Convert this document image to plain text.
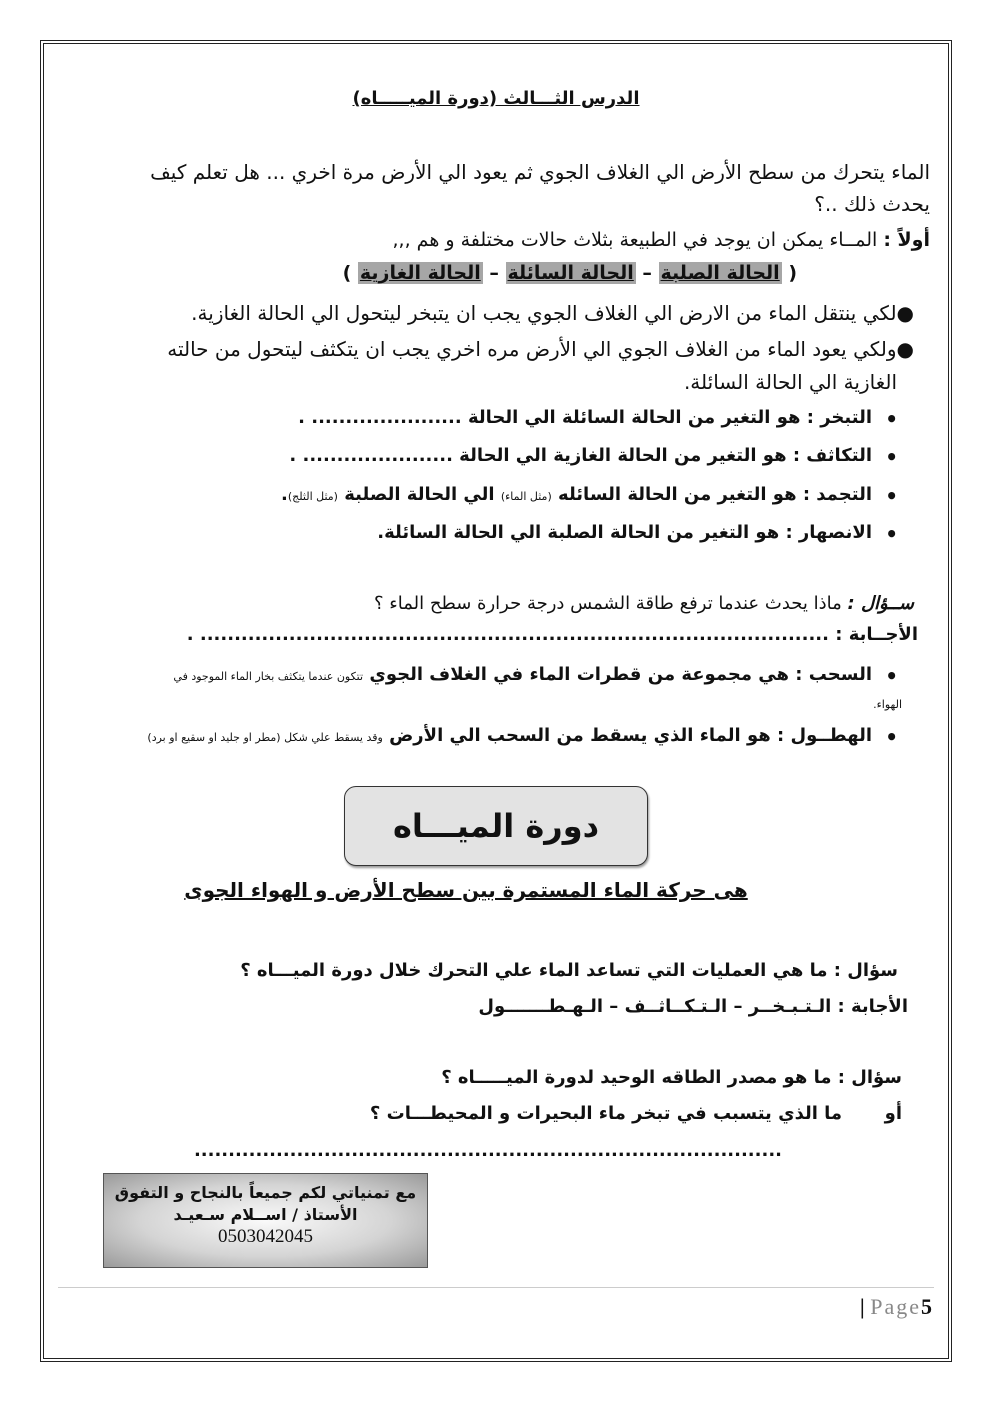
الدرس الثـــالث (دورة الميـــــاه)
الماء يتحرك من سطح الأرض الي الغلاف الجوي ثم يعود الي الأرض مرة اخري ... هل تعلم كيف
يحدث ذلك ..؟
أولاً : المــاء يمكن ان يوجد في الطبيعة بثلاث حالات مختلفة و هم ,,,
( الحالة الصلبة – الحالة السائلة – الحالة الغازية )
●لكي ينتقل الماء من الارض الي الغلاف الجوي يجب ان يتبخر ليتحول الي الحالة الغازية.
●ولكي يعود الماء من الغلاف الجوي الي الأرض مره اخري يجب ان يتكثف ليتحول من حالته
الغازية الي الحالة السائلة.
التبخر : هو التغير من الحالة السائلة الي الحالة ...................... . •
التكاثف : هو التغير من الحالة الغازية الي الحالة ...................... . •
التجمد : هو التغير من الحالة السائله (مثل الماء) الي الحالة الصلبة (مثل الثلج). •
الانصهار : هو التغير من الحالة الصلبة الي الحالة السائلة. •
ســؤال : ماذا يحدث عندما ترفع طاقة الشمس درجة حرارة سطح الماء ؟
الأجــابة : ............................................................................................ .
السحب : هي مجموعة من قطرات الماء في الغلاف الجوي تتكون عندما يتكثف بخار الماء الموجود في •
الهواء.
الهطــول : هو الماء الذي يسقط من السحب الي الأرض وقد يسقط علي شكل (مطر او جليد او سقيع او برد) •
دورة الميـــاه
هى حركة الماء المستمرة بين سطح الأرض و الهواء الجوى
سؤال : ما هي العمليات التي تساعد الماء علي التحرك خلال دورة الميـــاه ؟
الأجابة : الـتـبـخــر – الـتـكــاثــف – الـهـطـــــــول
سؤال : ما هو مصدر الطاقه الوحيد لدورة الميـــــاه ؟
أو  ما الذي يتسبب في تبخر ماء البحيرات و المحيطـــات ؟
......................................................................................
مع تمنياتي لكم جميعاً بالنجاح و التفوق
الأستاذ / اســلام سـعيـد
0503042045
| Page5
